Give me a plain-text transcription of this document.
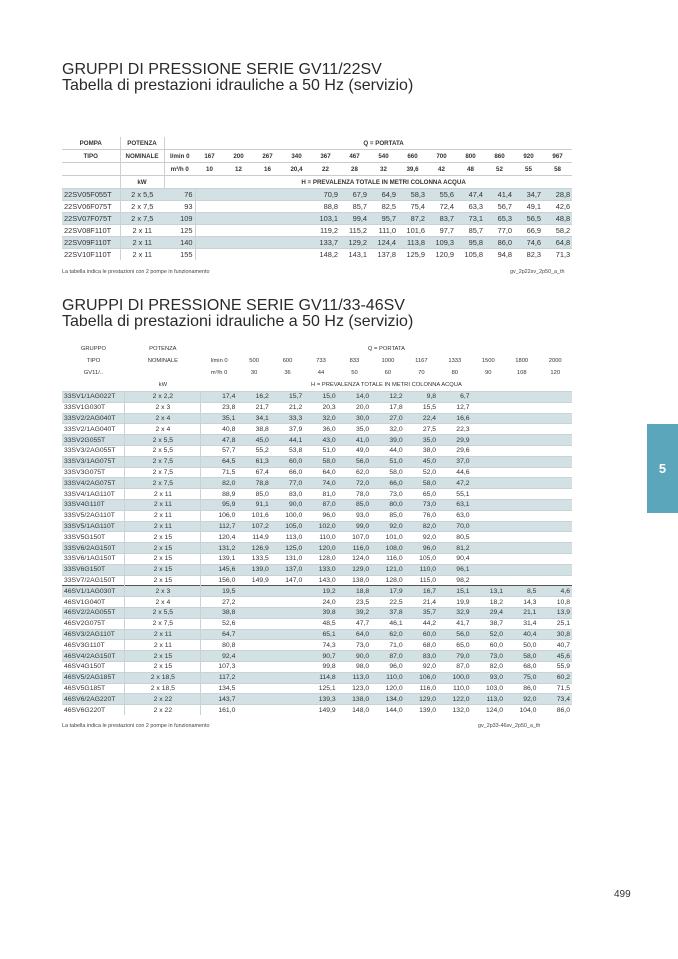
GRUPPI DI PRESSIONE SERIE GV11/22SV
Tabella di prestazioni idrauliche a 50 Hz (servizio)
POMPA	POTENZA		Q = PORTATA												
TIPO	NOMINALE	l/min 0	167	200	267	340	367	467	540	660	700	800	860	920	967
		m³/h 0	10	12	16	20,4	22	28	32	39,6	42	48	52	55	58
	kW		H = PREVALENZA TOTALE IN METRI COLONNA ACQUA												
22SV05F055T	2 x 5,5	76					70,9	67,9	64,9	58,3	55,6	47,4	41,4	34,7	28,8
22SV06F075T	2 x 7,5	93					88,8	85,7	82,5	75,4	72,4	63,3	56,7	49,1	42,6
22SV07F075T	2 x 7,5	109					103,1	99,4	95,7	87,2	83,7	73,1	65,3	56,5	48,8
22SV08F110T	2 x 11	125					119,2	115,2	111,0	101,6	97,7	85,7	77,0	66,9	58,2
22SV09F110T	2 x 11	140					133,7	129,2	124,4	113,8	109,3	95,8	86,0	74,6	64,8
22SV10F110T	2 x 11	155					148,2	143,1	137,8	125,9	120,9	105,8	94,8	82,3	71,3
La tabella indica le prestazioni con 2 pompe in funzionamento	gv_2p22sv_2p50_a_th
GRUPPI DI PRESSIONE SERIE GV11/33-46SV
Tabella di prestazioni idrauliche a 50 Hz (servizio)
GRUPPO	POTENZA	Q = PORTATA										
TIPO	NOMINALE	l/min 0	500	600	733	833	1000	1167	1333	1500	1800	2000
GV11/..		m³/h 0	30	36	44	50	60	70	80	90	108	120
	kW	H = PREVALENZA TOTALE IN METRI COLONNA ACQUA										
33SV1/1AG022T	2 x 2,2	17,4	16,2	15,7	15,0	14,0	12,2	9,8	6,7			
33SV1G030T	2 x 3	23,8	21,7	21,2	20,3	20,0	17,8	15,5	12,7			
33SV2/2AG040T	2 x 4	35,1	34,1	33,3	32,0	30,0	27,0	22,4	16,6			
33SV2/1AG040T	2 x 4	40,8	38,8	37,9	36,0	35,0	32,0	27,5	22,3			
33SV2G055T	2 x 5,5	47,8	45,0	44,1	43,0	41,0	39,0	35,0	29,9			
33SV3/2AG055T	2 x 5,5	57,7	55,2	53,8	51,0	49,0	44,0	38,0	29,6			
33SV3/1AG075T	2 x 7,5	64,5	61,3	60,0	58,0	56,0	51,0	45,0	37,0			
33SV3G075T	2 x 7,5	71,5	67,4	66,0	64,0	62,0	58,0	52,0	44,6			
33SV4/2AG075T	2 x 7,5	82,0	78,8	77,0	74,0	72,0	66,0	58,0	47,2			
33SV4/1AG110T	2 x 11	88,9	85,0	83,0	81,0	78,0	73,0	65,0	55,1			
33SV4G110T	2 x 11	95,9	91,1	90,0	87,0	85,0	80,0	73,0	63,1			
33SV5/2AG110T	2 x 11	106,0	101,6	100,0	96,0	93,0	85,0	76,0	63,0			
33SV5/1AG110T	2 x 11	112,7	107,2	105,0	102,0	99,0	92,0	82,0	70,0			
33SV5G150T	2 x 15	120,4	114,9	113,0	110,0	107,0	101,0	92,0	80,5			
33SV6/2AG150T	2 x 15	131,2	126,9	125,0	120,0	116,0	108,0	96,0	81,2			
33SV6/1AG150T	2 x 15	139,1	133,5	131,0	128,0	124,0	116,0	105,0	90,4			
33SV6G150T	2 x 15	145,6	139,0	137,0	133,0	129,0	121,0	110,0	96,1			
33SV7/2AG150T	2 x 15	156,0	149,9	147,0	143,0	138,0	128,0	115,0	98,2			
46SV1/1AG030T	2 x 3	19,5			19,2	18,8	17,9	16,7	15,1	13,1	8,5	4,6
46SV1G040T	2 x 4	27,2			24,0	23,5	22,5	21,4	19,9	18,2	14,3	10,8
46SV2/2AG055T	2 x 5,5	38,8			39,8	39,2	37,8	35,7	32,9	29,4	21,1	13,9
46SV2G075T	2 x 7,5	52,6			48,5	47,7	46,1	44,2	41,7	38,7	31,4	25,1
46SV3/2AG110T	2 x 11	64,7			65,1	64,0	62,0	60,0	56,0	52,0	40,4	30,8
46SV3G110T	2 x 11	80,8			74,3	73,0	71,0	68,0	65,0	60,0	50,0	40,7
46SV4/2AG150T	2 x 15	92,4			90,7	90,0	87,0	83,0	79,0	73,0	58,0	45,6
46SV4G150T	2 x 15	107,3			99,8	98,0	96,0	92,0	87,0	82,0	68,0	55,9
46SV5/2AG185T	2 x 18,5	117,2			114,8	113,0	110,0	106,0	100,0	93,0	75,0	60,2
46SV5G185T	2 x 18,5	134,5			125,1	123,0	120,0	116,0	110,0	103,0	86,0	71,5
46SV6/2AG220T	2 x 22	143,7			139,3	138,0	134,0	129,0	122,0	113,0	92,0	73,4
46SV6G220T	2 x 22	161,0			149,9	148,0	144,0	139,0	132,0	124,0	104,0	86,0
La tabella indica le prestazioni con 2 pompe in funzionamento	gv_2p33-46sv_2p50_a_th
5
499
